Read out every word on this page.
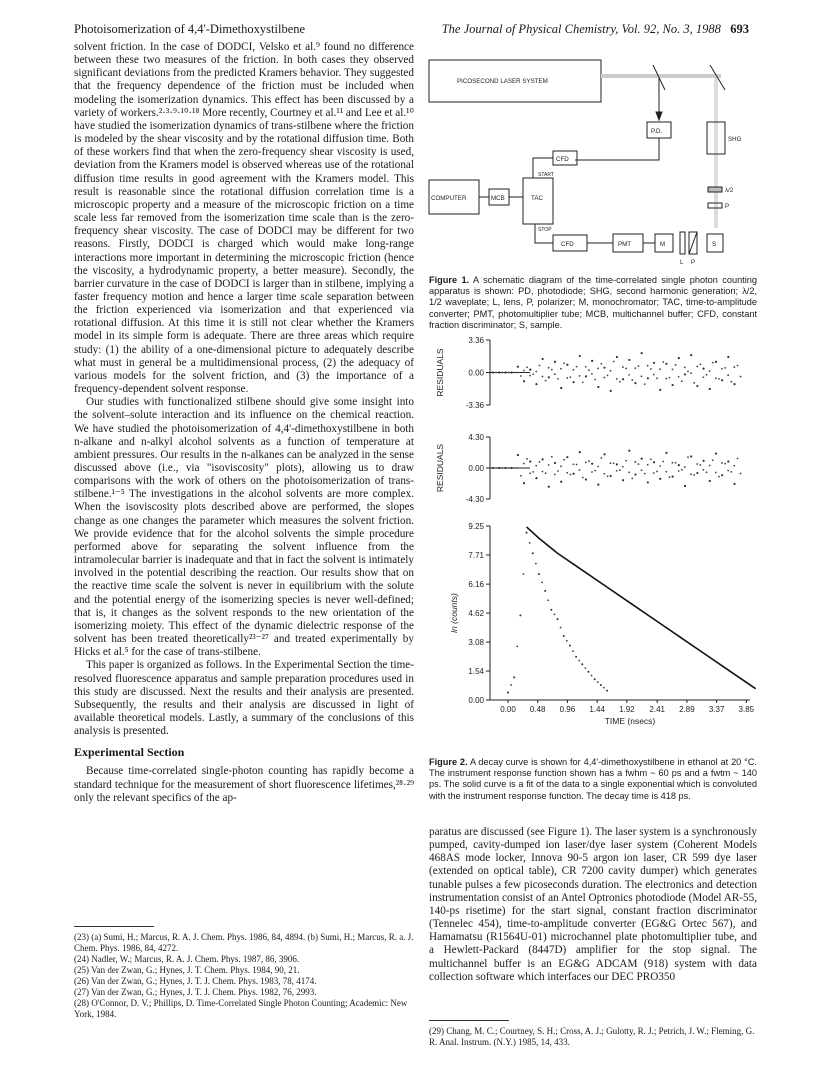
Photoisomerization of 4,4'-Dimethoxystilbene	The Journal of Physical Chemistry, Vol. 92, No. 3, 1988 693

solvent friction. In the case of DODCI, Velsko et al.⁹ found no difference between these two measures of the friction. In both cases they observed significant deviations from the predicted Kramers behavior. They suggested that the frequency dependence of the friction must be included when modeling the isomerization dynamics. This effect has been discussed by a variety of workers.²·³·⁹·¹⁰·¹⁸ More recently, Courtney et al.¹¹ and Lee et al.¹⁰ have studied the isomerization dynamics of trans-stilbene where the friction is modeled by the shear viscosity and by the rotational diffusion time. Both of these workers find that when the zero-frequency shear viscosity is used, deviation from the Kramers model is observed whereas use of the rotational diffusion time results in good agreement with the Kramers model. This result is reasonable since the rotational diffusion correlation time is a microscopic property and a measure of the microscopic friction on a time scale less far removed from the isomerization time scale than is the zero-frequency shear viscosity. The case of DODCI may be different for two reasons. Firstly, DODCI is charged which would make long-range interactions more important in determining the microscopic friction (hence the viscosity, a hydrodynamic property, a better measure). Secondly, the barrier curvature in the case of DODCI is larger than in stilbene, implying a faster frequency motion and hence a larger time scale separation between the friction experienced via isomerization and that experienced via rotational diffusion. At this time it is still not clear whether the Kramers model in its simple form is adequate. There are three areas which require study: (1) the ability of a one-dimensional picture to adequately describe what must in general be a multidimensional process, (2) the adequacy of various models for the solvent friction, and (3) the importance of a frequency-dependent solvent response.

Our studies with functionalized stilbene should give some insight into the solvent–solute interaction and its influence on the chemical reaction. We have studied the photoisomerization of 4,4'-dimethoxystilbene in both n-alkane and n-alkyl alcohol solvents as a function of temperature at ambient pressures. Our results in the n-alkanes can be analyzed in the sense discussed above (i.e., via "isoviscosity" plots), allowing us to draw comparisons with the work of others on the photoisomerization of trans-stilbene.¹⁻⁵ The investigations in the alcohol solvents are more complex. When the isoviscosity plots described above are performed, the slopes change as one changes the parameter which measures the solvent friction. We provide evidence that for the alcohol solvents the simple procedure performed above for separating the solvent influence from the intramolecular barrier is inadequate and that in fact the solvent is intimately involved in the potential describing the reaction. Our results show that on the reactive time scale the solvent is never in equilibrium with the solute and the potential energy of the isomerizing species is never well-defined; that is, it changes as the solvent responds to the new orientation of the isomerizing moiety. This effect of the dynamic dielectric response of the solvent has been treated theoretically²³⁻²⁷ and treated experimentally by Hicks et al.⁵ for the case of trans-stilbene.

This paper is organized as follows. In the Experimental Section the time-resolved fluorescence apparatus and sample preparation procedures used in this study are discussed. Next the results and their analysis are presented. Subsequently, the results and their analysis are discussed in light of available theoretical models. Lastly, a summary of the conclusions of this analysis is presented.

Experimental Section

Because time-correlated single-photon counting has rapidly become a standard technique for the measurement of short fluorescence lifetimes,²⁸·²⁹ only the relevant specifics of the ap-

(23) (a) Sumi, H.; Marcus, R. A. J. Chem. Phys. 1986, 84, 4894. (b) Sumi, H.; Marcus, R. a. J. Chem. Phys. 1986, 84, 4272.
(24) Nadler, W.; Marcus, R. A. J. Chem. Phys. 1987, 86, 3906.
(25) Van der Zwan, G.; Hynes, J. T. Chem. Phys. 1984, 90, 21.
(26) Van der Zwan, G.; Hynes, J. T. J. Chem. Phys. 1983, 78, 4174.
(27) Van der Zwan, G.; Hynes, J. T. J. Chem. Phys. 1982, 76, 2993.
(28) O'Connor, D. V.; Phillips, D. Time-Correlated Single Photon Counting; Academic: New York, 1984.
PICOSECOND LASER SYSTEM
P.D.
SHG
CFD
START
STOP
COMPUTER	MCB	TAC
λ/2
P
CFD	PMT	M	S
L P
Figure 1. A schematic diagram of the time-correlated single photon counting apparatus is shown: PD, photodiode; SHG, second harmonic generation; λ/2, 1/2 waveplate; L, lens, P, polarizer; M, monochromator; TAC, time-to-amplitude converter; PMT, photomultiplier tube; MCB, multichannel buffer; CFD, constant fraction discriminator; S, sample.
3.36
0.00
-3.36
RESIDUALS
4.30
0.00
-4.30
RESIDUALS
9.25
7.71
6.16
4.62
3.08
1.54
0.00
ln (counts)
0.00 0.48 0.96 1.44 1.92 2.41 2.89 3.37 3.85
TIME (nsecs)
Figure 2. A decay curve is shown for 4,4'-dimethoxystilbene in ethanol at 20 °C. The instrument response function shown has a fwhm ~ 60 ps and a fwtm ~ 140 ps. The solid curve is a fit of the data to a single exponential which is convoluted with the instrument response function. The decay time is 418 ps.

paratus are discussed (see Figure 1). The laser system is a synchronously pumped, cavity-dumped ion laser/dye laser system (Coherent Models 468AS mode locker, Innova 90-5 argon ion laser, CR 599 dye laser (extended on optical table), CR 7200 cavity dumper) which generates tunable pulses a few picoseconds duration. The electronics and detection instrumentation consist of an Antel Optronics photodiode (Model AR-55, 140-ps risetime) for the start signal, constant fraction discriminator (Tennelec 454), time-to-amplitude converter (EG&G Ortec 567), and Hamamatsu (R1564U-01) microchannel plate photomultiplier tube, and a Hewlett-Packard (8447D) amplifier for the stop signal. The multichannel buffer is an EG&G ADCAM (918) system with data collection software which interfaces our DEC PRO350

(29) Chang, M. C.; Courtney, S. H.; Cross, A. J.; Gulotty, R. J.; Petrich, J. W.; Fleming, G. R. Anal. Instrum. (N.Y.) 1985, 14, 433.
